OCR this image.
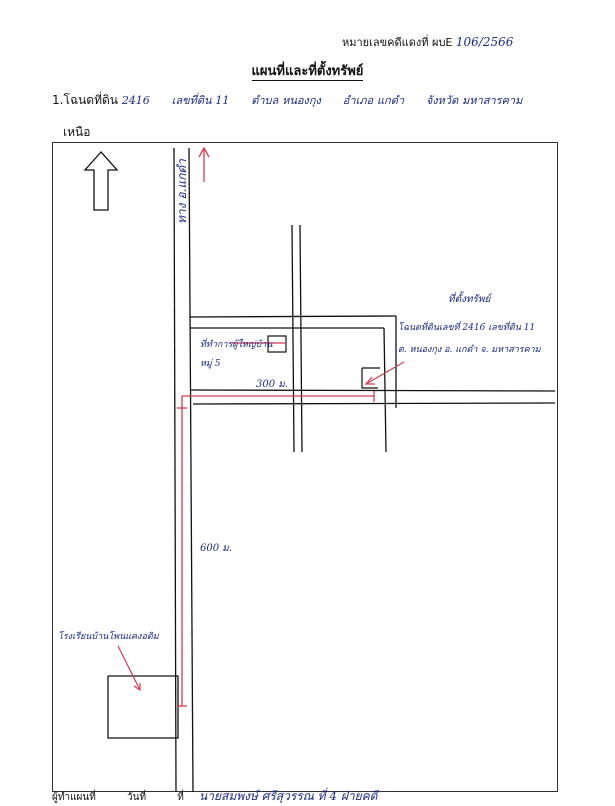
หมายเลขคดีแดงที่ ผบE 106/2566
แผนที่และที่ตั้งทรัพย์
1.โฉนดที่ดิน 2416 เลขที่ดิน 11 ตำบล หนองกุง อำเภอ แกดำ จังหวัด มหาสารคาม
เหนือ
ทาง อ.แกดำ
ที่ทำการผู้ใหญ่บ้าน
หมู่ 5
300 ม.
600 ม.
ที่ตั้งทรัพย์
โฉนดที่ดินเลขที่ 2416 เลขที่ดิน 11
ต. หนองกุง อ. แกดำ จ. มหาสารคาม
โรงเรียนบ้านโพนแคงอดิม
ผู้ทำแผนที่	วันที่	ที่ นายสมพงษ์ ศรีสุวรรณ ที่ 4 ฝ่ายคดี
